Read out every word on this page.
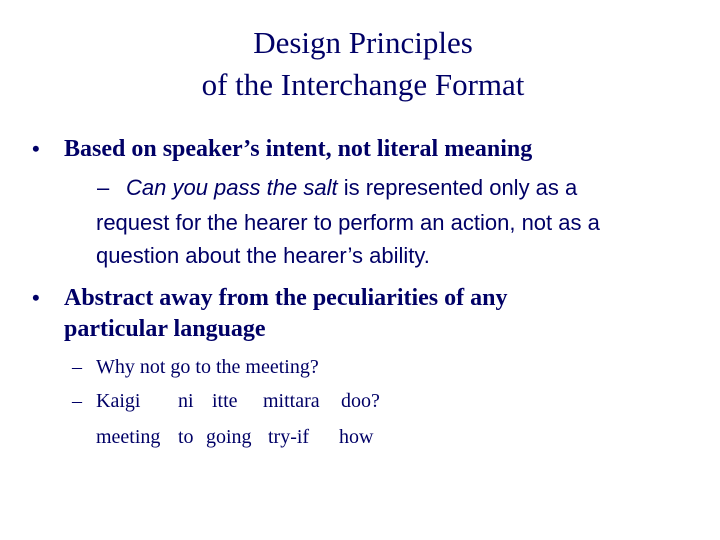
Design Principles
of the Interchange Format
• Based on speaker’s intent, not literal meaning
– Can you pass the salt is represented only as a
request for the hearer to perform an action, not as a
question about the hearer’s ability.
• Abstract away from the peculiarities of any
particular language
– Why not go to the meeting?
– Kaigi ni itte mittara doo?
meeting to going try-if how
